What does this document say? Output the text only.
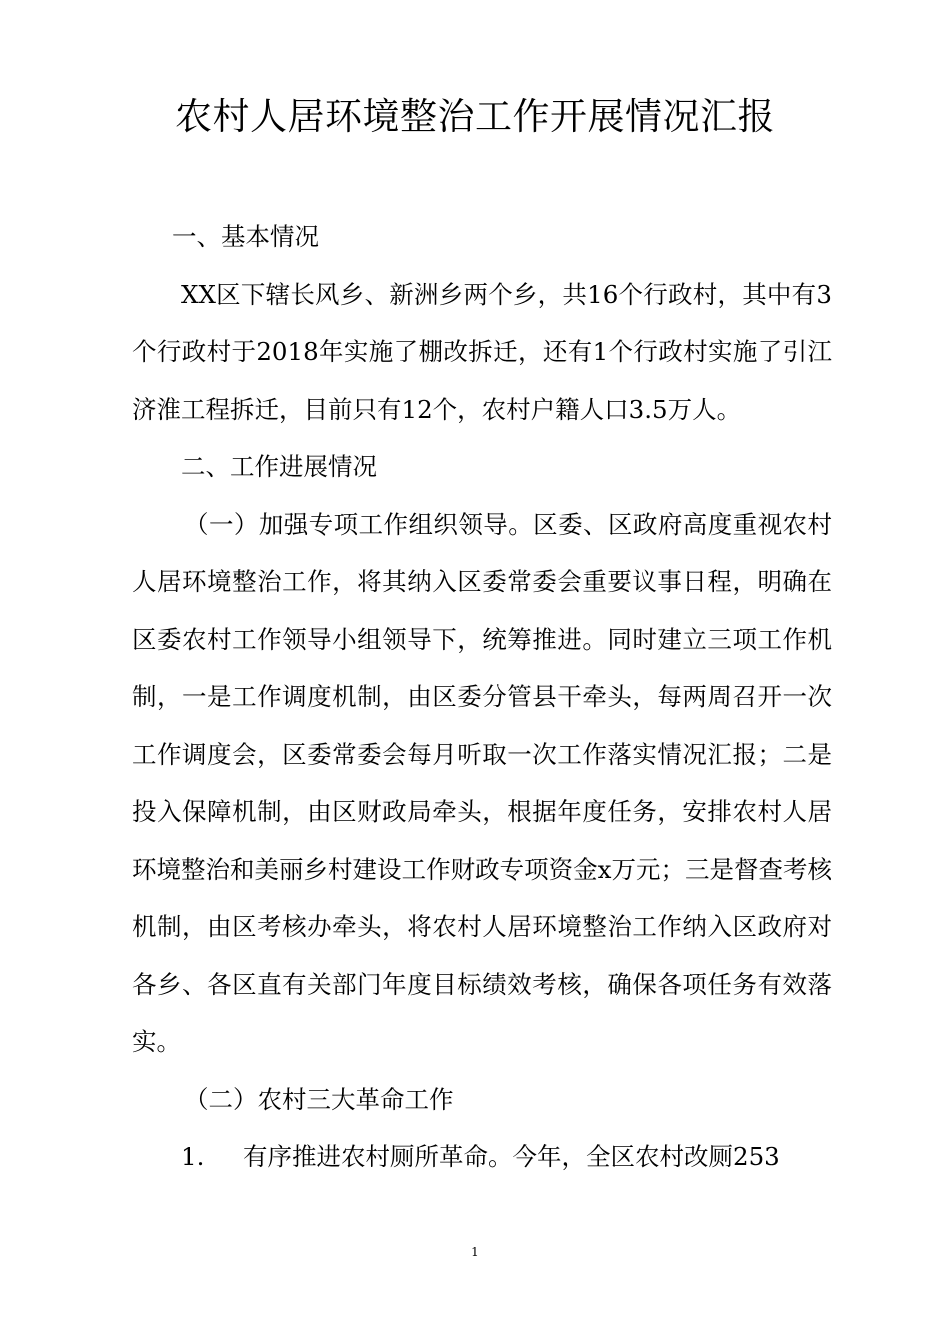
农村人居环境整治工作开展情况汇报

一、基本情况

XX区下辖长风乡、新洲乡两个乡，共16个行政村，其中有3个行政村于2018年实施了棚改拆迁，还有1个行政村实施了引江济淮工程拆迁，目前只有12个，农村户籍人口3.5万人。

二、工作进展情况

（一）加强专项工作组织领导。区委、区政府高度重视农村人居环境整治工作，将其纳入区委常委会重要议事日程，明确在区委农村工作领导小组领导下，统筹推进。同时建立三项工作机制，一是工作调度机制，由区委分管县干牵头，每两周召开一次工作调度会，区委常委会每月听取一次工作落实情况汇报；二是投入保障机制，由区财政局牵头，根据年度任务，安排农村人居环境整治和美丽乡村建设工作财政专项资金x万元；三是督查考核机制，由区考核办牵头，将农村人居环境整治工作纳入区政府对各乡、各区直有关部门年度目标绩效考核，确保各项任务有效落实。

（二）农村三大革命工作

1. 有序推进农村厕所革命。今年，全区农村改厕253

1
